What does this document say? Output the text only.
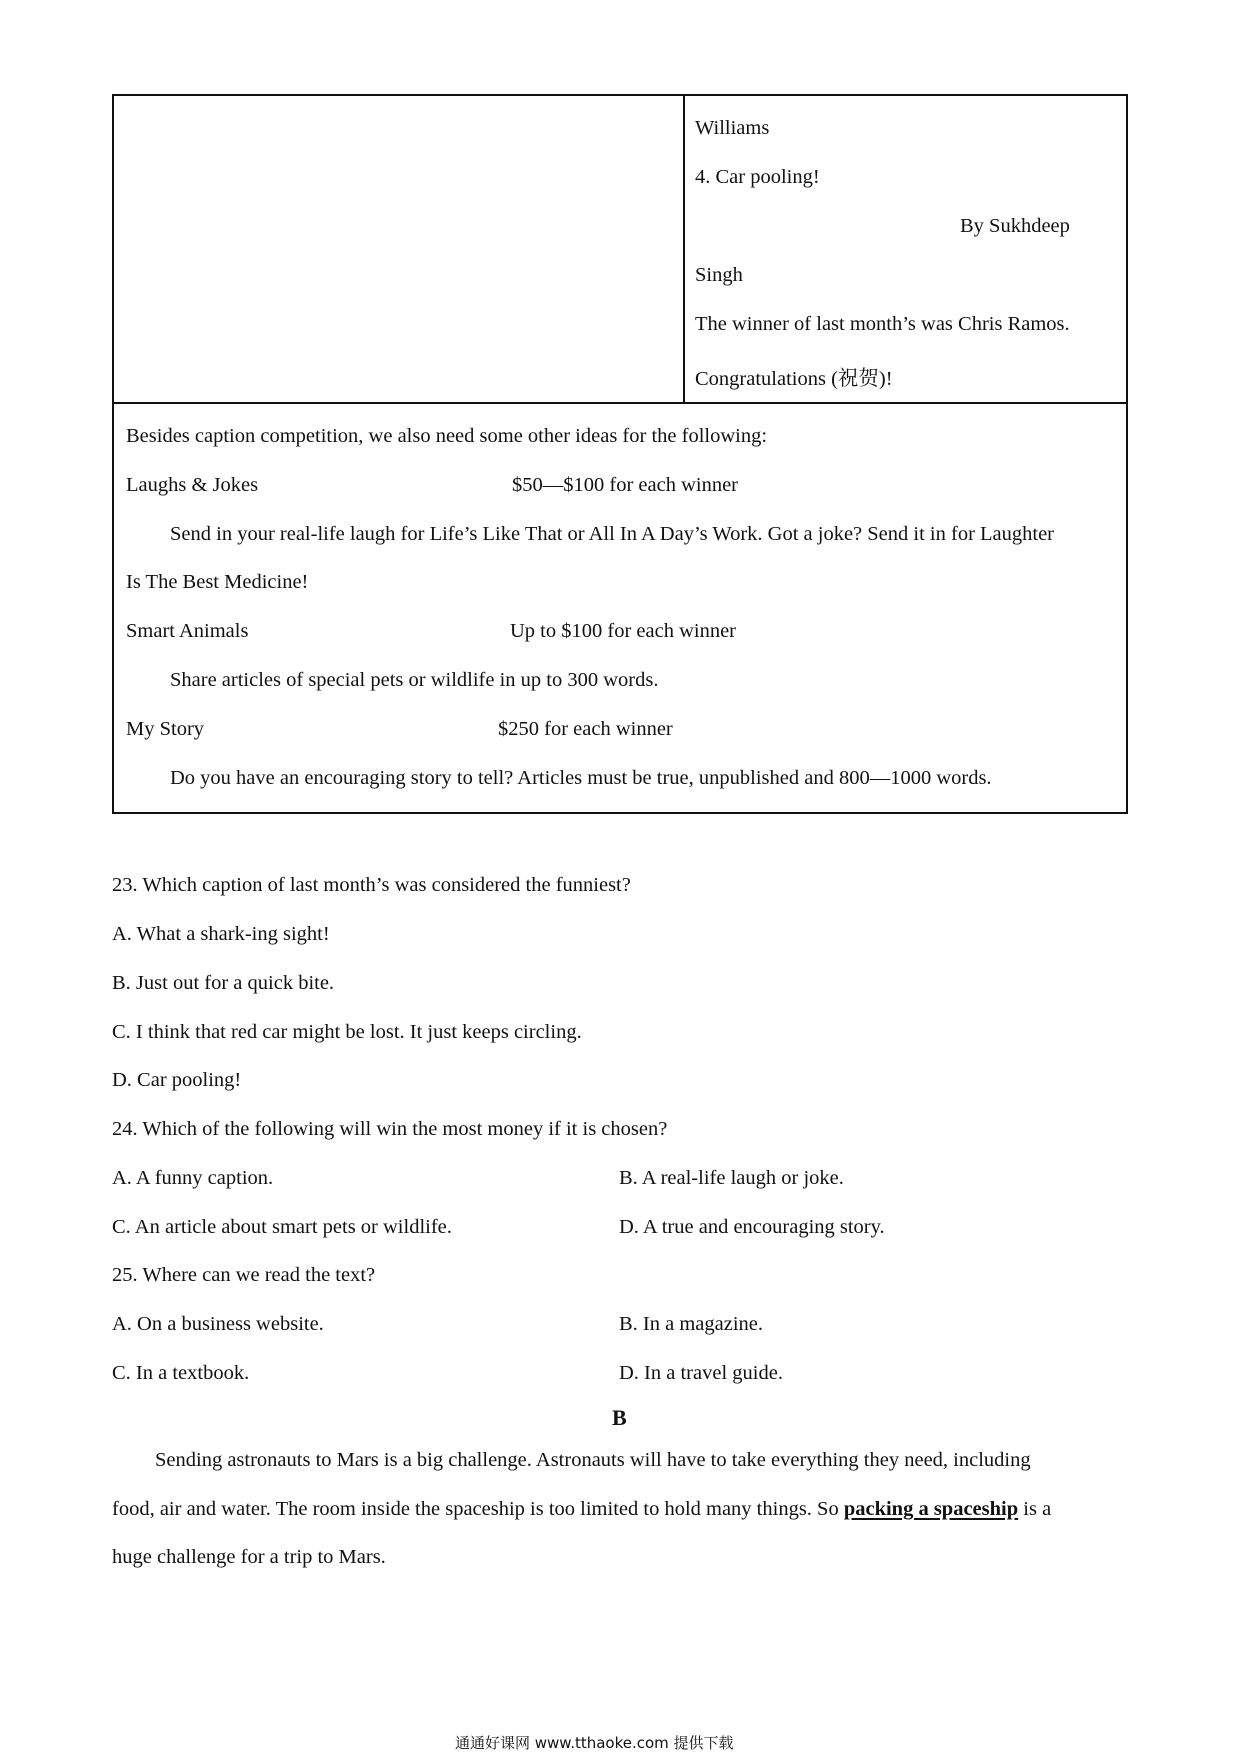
Williams
4. Car pooling!
By Sukhdeep
Singh
The winner of last month’s was Chris Ramos.
Congratulations (祝贺)!
Besides caption competition, we also need some other ideas for the following:
Laughs & Jokes	$50—$100 for each winner
Send in your real-life laugh for Life’s Like That or All In A Day’s Work. Got a joke? Send it in for Laughter
Is The Best Medicine!
Smart Animals	Up to $100 for each winner
Share articles of special pets or wildlife in up to 300 words.
My Story	$250 for each winner
Do you have an encouraging story to tell? Articles must be true, unpublished and 800—1000 words.
23. Which caption of last month’s was considered the funniest?
A. What a shark-ing sight!
B. Just out for a quick bite.
C. I think that red car might be lost. It just keeps circling.
D. Car pooling!
24. Which of the following will win the most money if it is chosen?
A. A funny caption.	B. A real-life laugh or joke.
C. An article about smart pets or wildlife.	D. A true and encouraging story.
25. Where can we read the text?
A. On a business website.	B. In a magazine.
C. In a textbook.	D. In a travel guide.
B
Sending astronauts to Mars is a big challenge. Astronauts will have to take everything they need, including
food, air and water. The room inside the spaceship is too limited to hold many things. So packing a spaceship is a
huge challenge for a trip to Mars.
通通好课网 www.tthaoke.com 提供下载
